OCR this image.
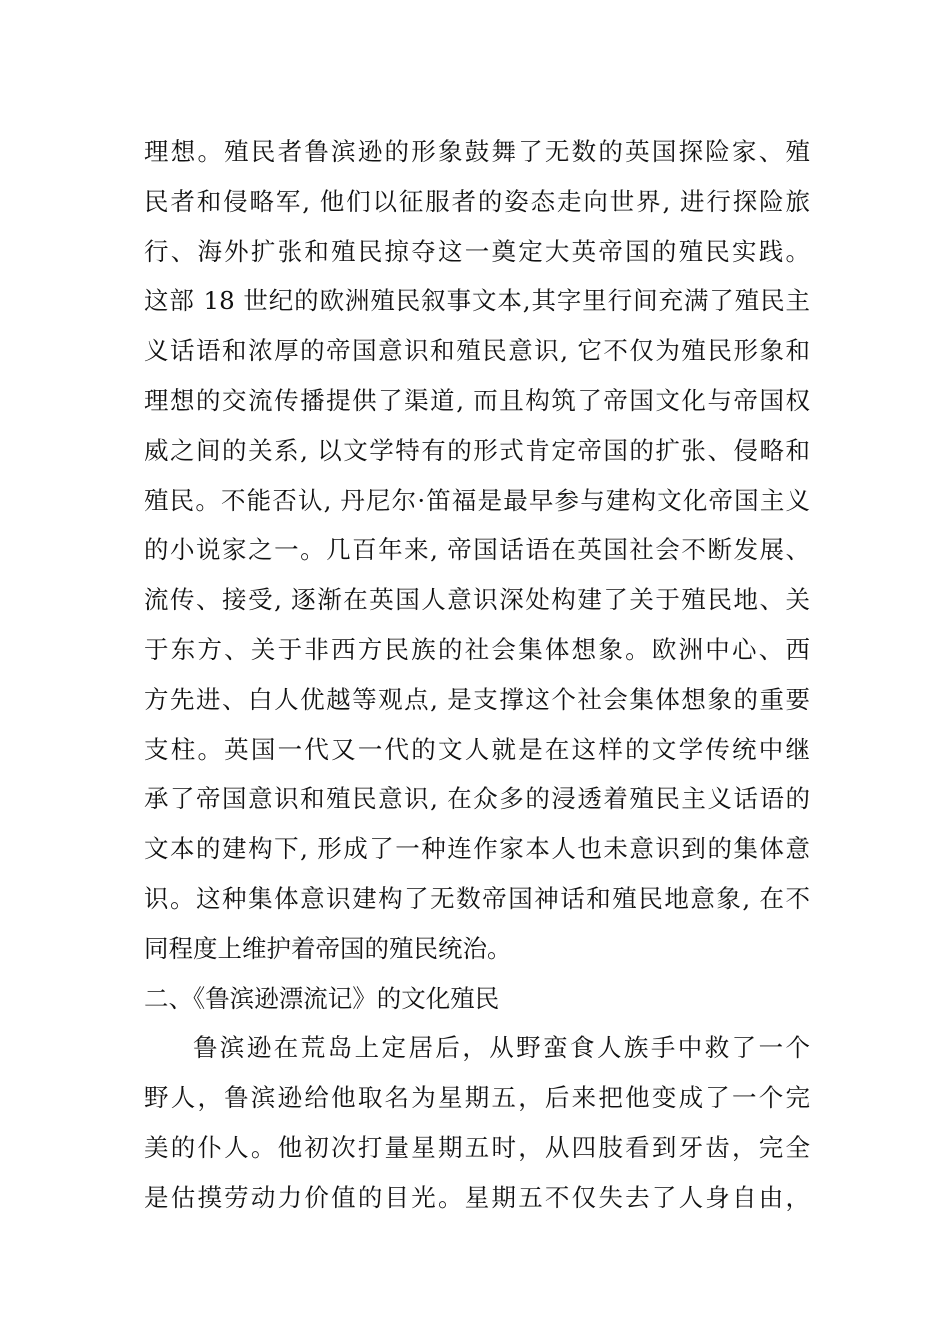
理想。殖民者鲁滨逊的形象鼓舞了无数的英国探险家、殖
民者和侵略军, 他们以征服者的姿态走向世界, 进行探险旅
行、海外扩张和殖民掠夺这一奠定大英帝国的殖民实践。
这部 18 世纪的欧洲殖民叙事文本,其字里行间充满了殖民主
义话语和浓厚的帝国意识和殖民意识, 它不仅为殖民形象和
理想的交流传播提供了渠道, 而且构筑了帝国文化与帝国权
威之间的关系, 以文学特有的形式肯定帝国的扩张、侵略和
殖民。不能否认, 丹尼尔·笛福是最早参与建构文化帝国主义
的小说家之一。几百年来, 帝国话语在英国社会不断发展、
流传、接受, 逐渐在英国人意识深处构建了关于殖民地、关
于东方、关于非西方民族的社会集体想象。欧洲中心、西
方先进、白人优越等观点, 是支撑这个社会集体想象的重要
支柱。英国一代又一代的文人就是在这样的文学传统中继
承了帝国意识和殖民意识, 在众多的浸透着殖民主义话语的
文本的建构下, 形成了一种连作家本人也未意识到的集体意
识。这种集体意识建构了无数帝国神话和殖民地意象, 在不
同程度上维护着帝国的殖民统治。
二、《鲁滨逊漂流记》的文化殖民
鲁滨逊在荒岛上定居后，从野蛮食人族手中救了一个
野人，鲁滨逊给他取名为星期五，后来把他变成了一个完
美的仆人。他初次打量星期五时，从四肢看到牙齿，完全
是估摸劳动力价值的目光。星期五不仅失去了人身自由，
